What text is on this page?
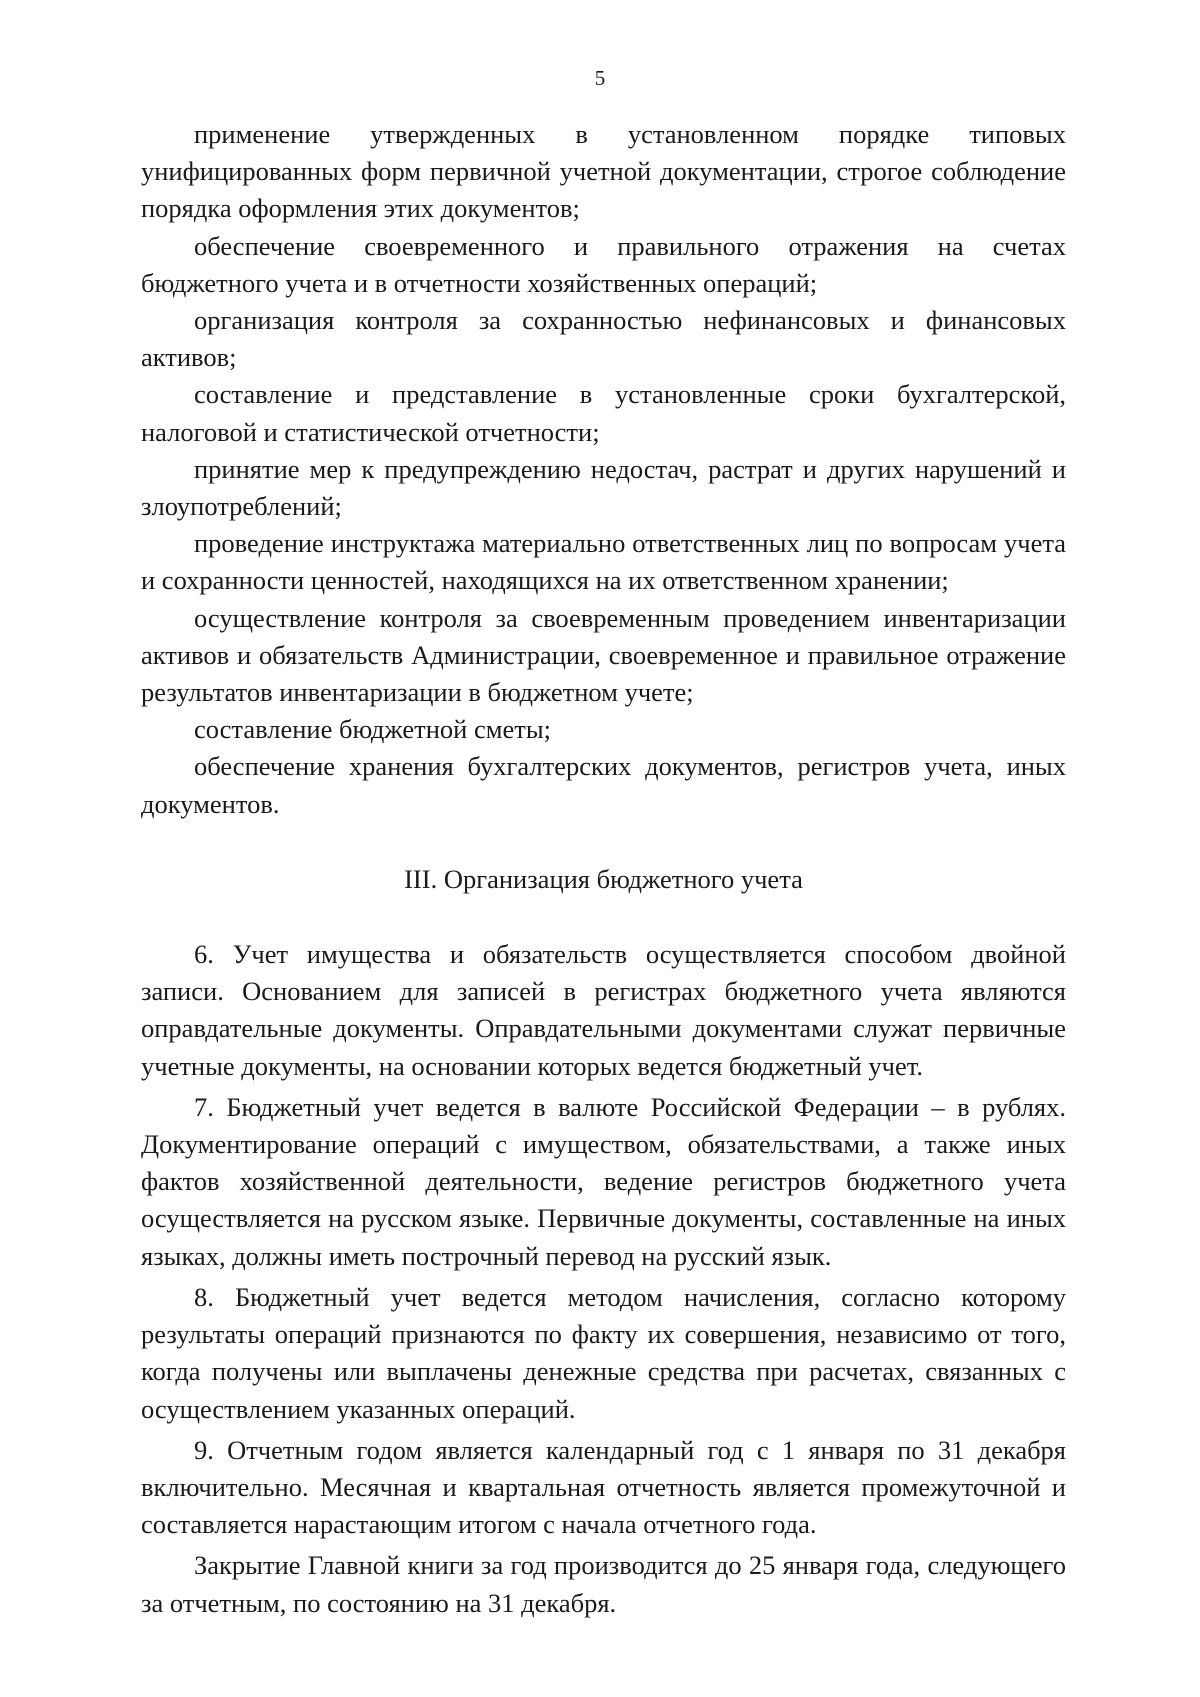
5

применение утвержденных в установленном порядке типовых унифицированных форм первичной учетной документации, строгое соблюдение порядка оформления этих документов;

обеспечение своевременного и правильного отражения на счетах бюджетного учета и в отчетности хозяйственных операций;

организация контроля за сохранностью нефинансовых и финансовых активов;

составление и представление в установленные сроки бухгалтерской, налоговой и статистической отчетности;

принятие мер к предупреждению недостач, растрат и других нарушений и злоупотреблений;

проведение инструктажа материально ответственных лиц по вопросам учета и сохранности ценностей, находящихся на их ответственном хранении;

осуществление контроля за своевременным проведением инвентаризации активов и обязательств Администрации, своевременное и правильное отражение результатов инвентаризации в бюджетном учете;

составление бюджетной сметы;

обеспечение хранения бухгалтерских документов, регистров учета, иных документов.

III. Организация бюджетного учета

6. Учет имущества и обязательств осуществляется способом двойной записи. Основанием для записей в регистрах бюджетного учета являются оправдательные документы. Оправдательными документами служат первичные учетные документы, на основании которых ведется бюджетный учет.

7. Бюджетный учет ведется в валюте Российской Федерации – в рублях. Документирование операций с имуществом, обязательствами, а также иных фактов хозяйственной деятельности, ведение регистров бюджетного учета осуществляется на русском языке. Первичные документы, составленные на иных языках, должны иметь построчный перевод на русский язык.

8. Бюджетный учет ведется методом начисления, согласно которому результаты операций признаются по факту их совершения, независимо от того, когда получены или выплачены денежные средства при расчетах, связанных с осуществлением указанных операций.

9. Отчетным годом является календарный год с 1 января по 31 декабря включительно. Месячная и квартальная отчетность является промежуточной и составляется нарастающим итогом с начала отчетного года.

Закрытие Главной книги за год производится до 25 января года, следующего за отчетным, по состоянию на 31 декабря.
